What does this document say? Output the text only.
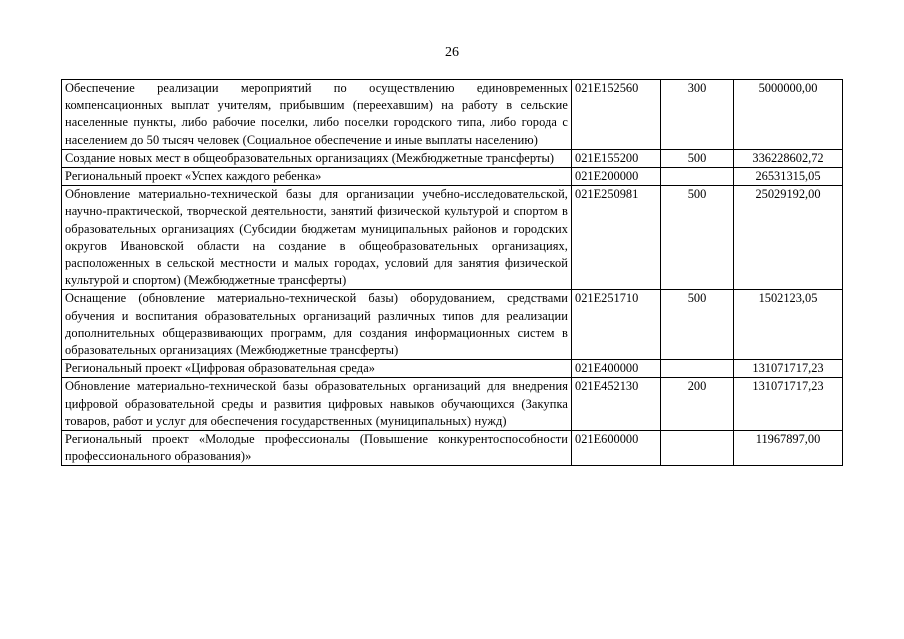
26
Обеспечение реализации мероприятий по осуществлению единовременных компенсационных выплат учителям, прибывшим (переехавшим) на работу в сельские населенные пункты, либо рабочие поселки, либо поселки городского типа, либо города с населением до 50 тысяч человек (Социальное обеспечение и иные выплаты населению)	021E152560	300	5000000,00
Создание новых мест в общеобразовательных организациях (Межбюджетные трансферты)	021E155200	500	336228602,72
Региональный проект «Успех каждого ребенка»	021E200000		26531315,05
Обновление материально-технической базы для организации учебно-исследовательской, научно-практической, творческой деятельности, занятий физической культурой и спортом в образовательных организациях (Субсидии бюджетам муниципальных районов и городских округов Ивановской области на создание в общеобразовательных организациях, расположенных в сельской местности и малых городах, условий для занятия физической культурой и спортом) (Межбюджетные трансферты)	021E250981	500	25029192,00
Оснащение (обновление материально-технической базы) оборудованием, средствами обучения и воспитания образовательных организаций различных типов для реализации дополнительных общеразвивающих программ, для создания информационных систем в образовательных организациях (Межбюджетные трансферты)	021E251710	500	1502123,05
Региональный проект «Цифровая образовательная среда»	021E400000		131071717,23
Обновление материально-технической базы образовательных организаций для внедрения цифровой образовательной среды и развития цифровых навыков обучающихся (Закупка товаров, работ и услуг для обеспечения государственных (муниципальных) нужд)	021E452130	200	131071717,23
Региональный проект «Молодые профессионалы (Повышение конкурентоспособности профессионального образования)»	021E600000		11967897,00
